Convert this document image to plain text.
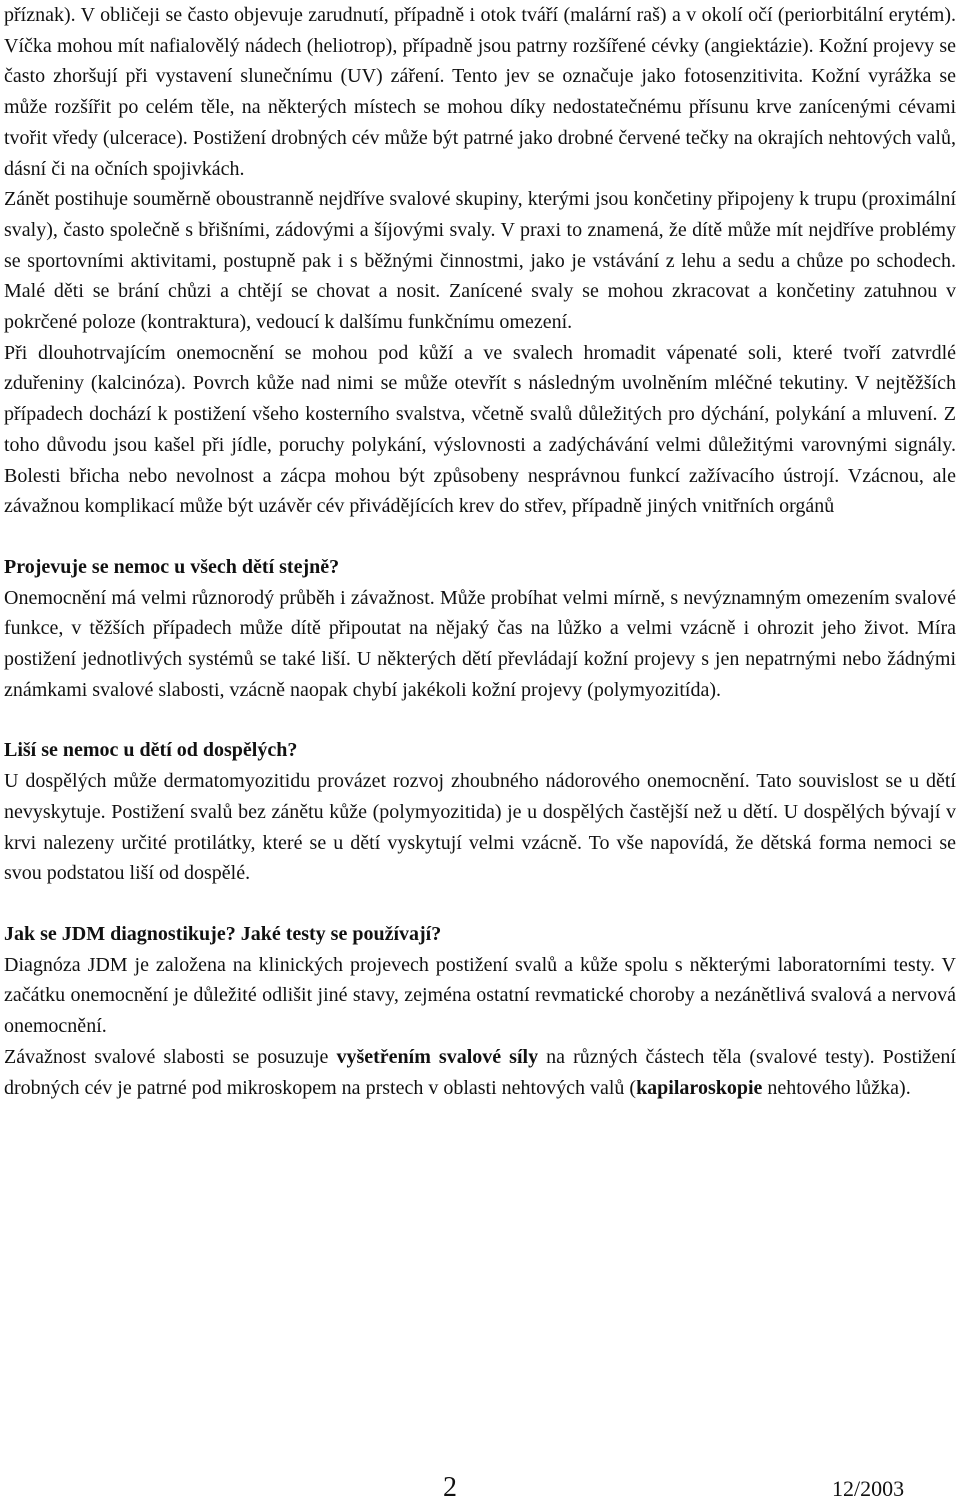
příznak). V obličeji se často objevuje zarudnutí, případně i otok tváří (malární raš) a v okolí očí (periorbitální erytém). Víčka mohou mít nafialovělý nádech (heliotrop), případně jsou patrny rozšířené cévky (angiektázie). Kožní projevy se často zhoršují při vystavení slunečnímu (UV) záření. Tento jev se označuje jako fotosenzitivita. Kožní vyrážka se může rozšířit po celém těle, na některých místech se mohou díky nedostatečnému přísunu krve zanícenými cévami tvořit vředy (ulcerace). Postižení drobných cév může být patrné jako drobné červené tečky na okrajích nehtových valů, dásní či na očních spojivkách.

Zánět postihuje souměrně oboustranně nejdříve svalové skupiny, kterými jsou končetiny připojeny k trupu (proximální svaly), často společně s břišními, zádovými a šíjovými svaly. V praxi to znamená, že dítě může mít nejdříve problémy se sportovními aktivitami, postupně pak i s běžnými činnostmi, jako je vstávání z lehu a sedu a chůze po schodech. Malé děti se brání chůzi a chtějí se chovat a nosit. Zanícené svaly se mohou zkracovat a končetiny zatuhnou v pokrčené poloze (kontraktura), vedoucí k dalšímu funkčnímu omezení.

Při dlouhotrvajícím onemocnění se mohou pod kůží a ve svalech hromadit vápenaté soli, které tvoří zatvrdlé zduřeniny (kalcinóza). Povrch kůže nad nimi se může otevřít s následným uvolněním mléčné tekutiny. V nejtěžších případech dochází k postižení všeho kosterního svalstva, včetně svalů důležitých pro dýchání, polykání a mluvení. Z toho důvodu jsou kašel při jídle, poruchy polykání, výslovnosti a zadýchávání velmi důležitými varovnými signály. Bolesti břicha nebo nevolnost a zácpa mohou být způsobeny nesprávnou funkcí zažívacího ústrojí. Vzácnou, ale závažnou komplikací může být uzávěr cév přivádějících krev do střev, případně jiných vnitřních orgánů

Projevuje se nemoc u všech dětí stejně?

Onemocnění má velmi různorodý průběh i závažnost. Může probíhat velmi mírně, s nevýznamným omezením svalové funkce, v těžších případech může dítě připoutat na nějaký čas na lůžko a velmi vzácně i ohrozit jeho život. Míra postižení jednotlivých systémů se také liší. U některých dětí převládají kožní projevy s jen nepatrnými nebo žádnými známkami svalové slabosti, vzácně naopak chybí jakékoli kožní projevy (polymyozitída).

Liší se nemoc u dětí od dospělých?

U dospělých může dermatomyozitidu provázet rozvoj zhoubného nádorového onemocnění. Tato souvislost se u dětí nevyskytuje. Postižení svalů bez zánětu kůže (polymyozitida) je u dospělých častější než u dětí. U dospělých bývají v krvi nalezeny určité protilátky, které se u dětí vyskytují velmi vzácně. To vše napovídá, že dětská forma nemoci se svou podstatou liší od dospělé.

Jak se JDM diagnostikuje? Jaké testy se používají?

Diagnóza JDM je založena na klinických projevech postižení svalů a kůže spolu s některými laboratorními testy. V začátku onemocnění je důležité odlišit jiné stavy, zejména ostatní revmatické choroby a nezánětlivá svalová a nervová onemocnění.

Závažnost svalové slabosti se posuzuje vyšetřením svalové síly na různých částech těla (svalové testy). Postižení drobných cév je patrné pod mikroskopem na prstech v oblasti nehtových valů (kapilaroskopie nehtového lůžka).

2	12/2003
